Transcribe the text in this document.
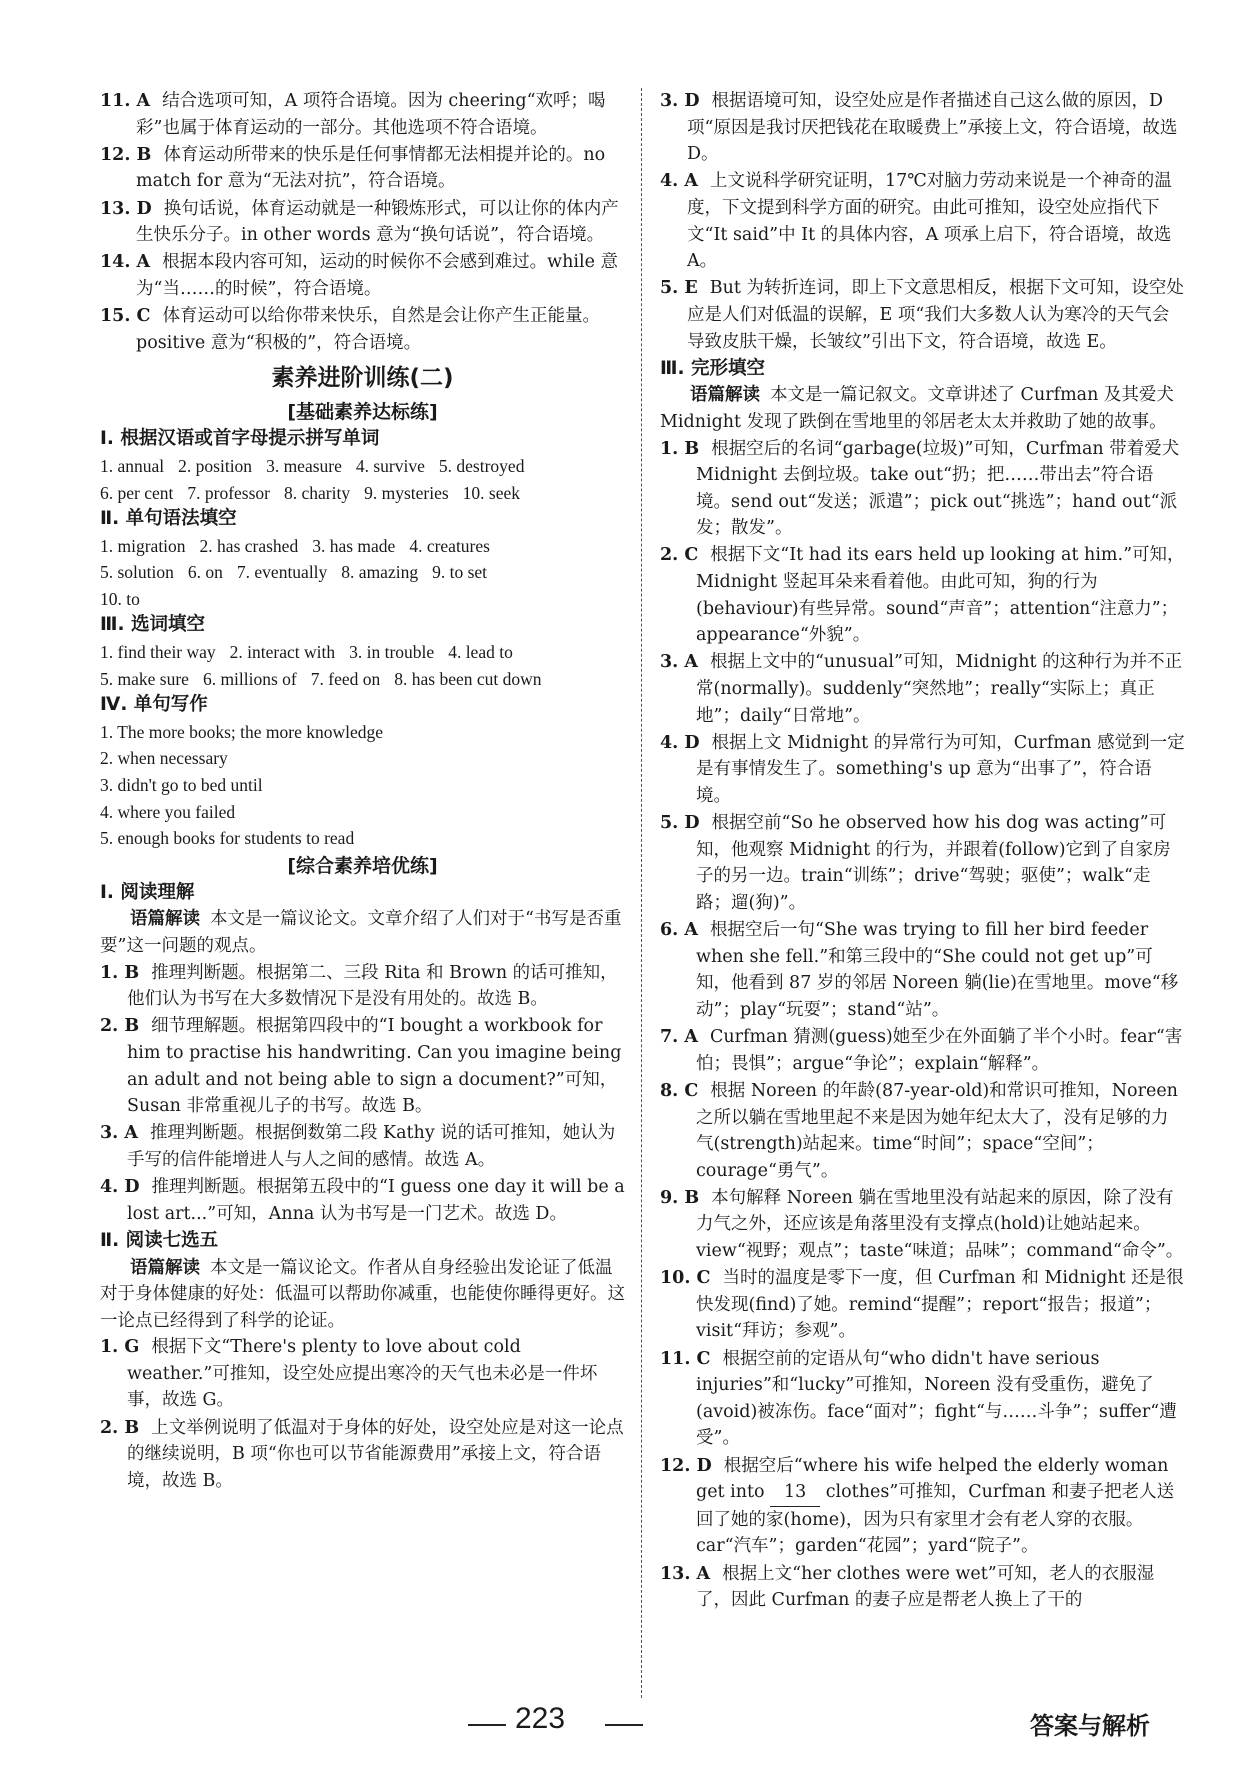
11. A 结合选项可知，A 项符合语境。因为 cheering“欢呼；喝彩”也属于体育运动的一部分。其他选项不符合语境。
12. B 体育运动所带来的快乐是任何事情都无法相提并论的。no match for 意为“无法对抗”，符合语境。
13. D 换句话说，体育运动就是一种锻炼形式，可以让你的体内产生快乐分子。in other words 意为“换句话说”，符合语境。
14. A 根据本段内容可知，运动的时候你不会感到难过。while 意为“当……的时候”，符合语境。
15. C 体育运动可以给你带来快乐，自然是会让你产生正能量。positive 意为“积极的”，符合语境。
素养进阶训练(二)
[基础素养达标练]
Ⅰ. 根据汉语或首字母提示拼写单词
1. annual 2. position 3. measure 4. survive 5. destroyed
6. per cent 7. professor 8. charity 9. mysteries 10. seek
Ⅱ. 单句语法填空
1. migration 2. has crashed 3. has made 4. creatures
5. solution 6. on 7. eventually 8. amazing 9. to set
10. to
Ⅲ. 选词填空
1. find their way 2. interact with 3. in trouble 4. lead to
5. make sure 6. millions of 7. feed on 8. has been cut down
Ⅳ. 单句写作
1. The more books; the more knowledge
2. when necessary
3. didn't go to bed until
4. where you failed
5. enough books for students to read
[综合素养培优练]
Ⅰ. 阅读理解
语篇解读 本文是一篇议论文。文章介绍了人们对于“书写是否重要”这一问题的观点。
1. B 推理判断题。根据第二、三段 Rita 和 Brown 的话可推知，他们认为书写在大多数情况下是没有用处的。故选 B。
2. B 细节理解题。根据第四段中的“I bought a workbook for him to practise his handwriting. Can you imagine being an adult and not being able to sign a document?”可知，Susan 非常重视儿子的书写。故选 B。
3. A 推理判断题。根据倒数第二段 Kathy 说的话可推知，她认为手写的信件能增进人与人之间的感情。故选 A。
4. D 推理判断题。根据第五段中的“I guess one day it will be a lost art...”可知，Anna 认为书写是一门艺术。故选 D。
Ⅱ. 阅读七选五
语篇解读 本文是一篇议论文。作者从自身经验出发论证了低温对于身体健康的好处：低温可以帮助你减重，也能使你睡得更好。这一论点已经得到了科学的论证。
1. G 根据下文“There's plenty to love about cold weather.”可推知，设空处应提出寒冷的天气也未必是一件坏事，故选 G。
2. B 上文举例说明了低温对于身体的好处，设空处应是对这一论点的继续说明，B 项“你也可以节省能源费用”承接上文，符合语境，故选 B。
3. D 根据语境可知，设空处应是作者描述自己这么做的原因，D 项“原因是我讨厌把钱花在取暖费上”承接上文，符合语境，故选 D。
4. A 上文说科学研究证明，17℃对脑力劳动来说是一个神奇的温度，下文提到科学方面的研究。由此可推知，设空处应指代下文“It said”中 It 的具体内容，A 项承上启下，符合语境，故选 A。
5. E But 为转折连词，即上下文意思相反，根据下文可知，设空处应是人们对低温的误解，E 项“我们大多数人认为寒冷的天气会导致皮肤干燥，长皱纹”引出下文，符合语境，故选 E。
Ⅲ. 完形填空
语篇解读 本文是一篇记叙文。文章讲述了 Curfman 及其爱犬 Midnight 发现了跌倒在雪地里的邻居老太太并救助了她的故事。
1. B 根据空后的名词“garbage(垃圾)”可知，Curfman 带着爱犬 Midnight 去倒垃圾。take out“扔；把……带出去”符合语境。send out“发送；派遣”；pick out“挑选”；hand out“派发；散发”。
2. C 根据下文“It had its ears held up looking at him.”可知，Midnight 竖起耳朵来看着他。由此可知，狗的行为(behaviour)有些异常。sound“声音”；attention“注意力”；appearance“外貌”。
3. A 根据上文中的“unusual”可知，Midnight 的这种行为并不正常(normally)。suddenly“突然地”；really“实际上；真正地”；daily“日常地”。
4. D 根据上文 Midnight 的异常行为可知，Curfman 感觉到一定是有事情发生了。something's up 意为“出事了”，符合语境。
5. D 根据空前“So he observed how his dog was acting”可知，他观察 Midnight 的行为，并跟着(follow)它到了自家房子的另一边。train“训练”；drive“驾驶；驱使”；walk“走路；遛(狗)”。
6. A 根据空后一句“She was trying to fill her bird feeder when she fell.”和第三段中的“She could not get up”可知，他看到 87 岁的邻居 Noreen 躺(lie)在雪地里。move“移动”；play“玩耍”；stand“站”。
7. A Curfman 猜测(guess)她至少在外面躺了半个小时。fear“害怕；畏惧”；argue“争论”；explain“解释”。
8. C 根据 Noreen 的年龄(87-year-old)和常识可推知，Noreen 之所以躺在雪地里起不来是因为她年纪太大了，没有足够的力气(strength)站起来。time“时间”；space“空间”；courage“勇气”。
9. B 本句解释 Noreen 躺在雪地里没有站起来的原因，除了没有力气之外，还应该是角落里没有支撑点(hold)让她站起来。view“视野；观点”；taste“味道；品味”；command“命令”。
10. C 当时的温度是零下一度，但 Curfman 和 Midnight 还是很快发现(find)了她。remind“提醒”；report“报告；报道”；visit“拜访；参观”。
11. C 根据空前的定语从句“who didn't have serious injuries”和“lucky”可推知，Noreen 没有受重伤，避免了(avoid)被冻伤。face“面对”；fight“与……斗争”；suffer“遭受”。
12. D 根据空后“where his wife helped the elderly woman get into 13 clothes”可推知，Curfman 和妻子把老人送回了她的家(home)，因为只有家里才会有老人穿的衣服。car“汽车”；garden“花园”；yard“院子”。
13. A 根据上文“her clothes were wet”可知，老人的衣服湿了，因此 Curfman 的妻子应是帮老人换上了干的
223	答案与解析
